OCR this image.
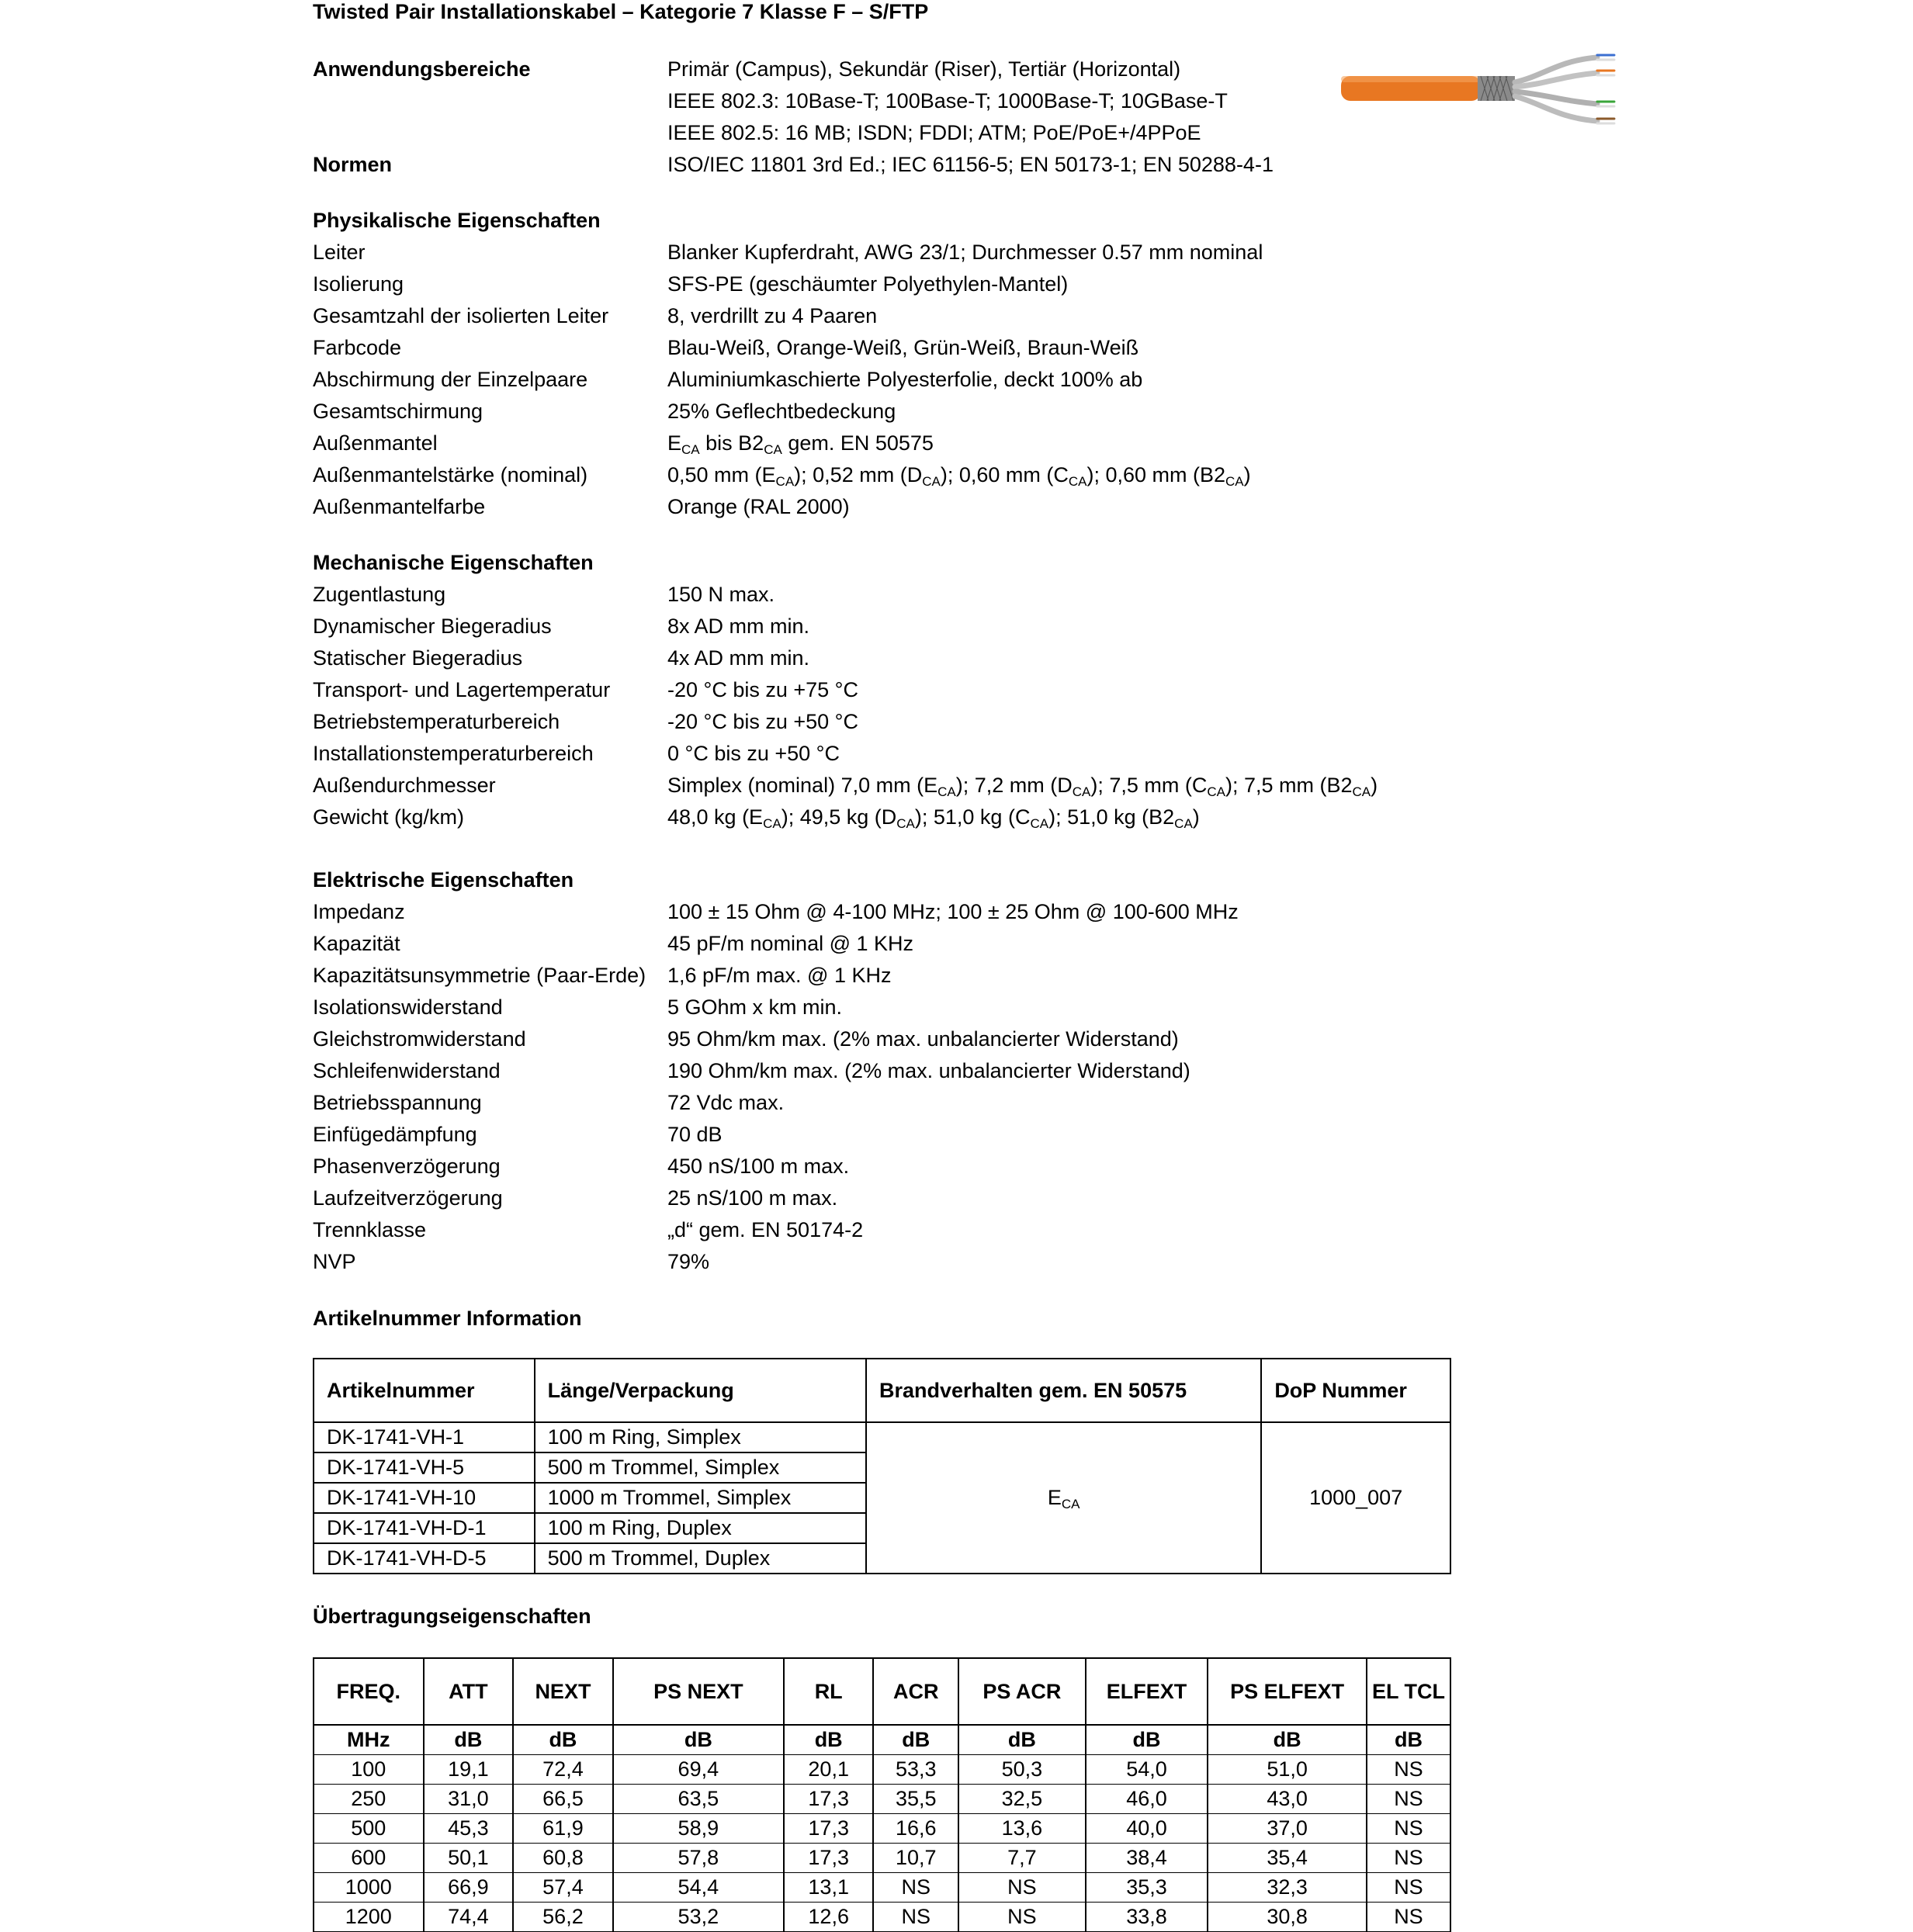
Twisted Pair Installationskabel – Kategorie 7 Klasse F – S/FTP
Anwendungsbereiche	Primär (Campus), Sekundär (Riser), Tertiär (Horizontal)
IEEE 802.3: 10Base-T; 100Base-T; 1000Base-T; 10GBase-T
IEEE 802.5: 16 MB; ISDN; FDDI; ATM; PoE/PoE+/4PPoE
Normen	ISO/IEC 11801 3rd Ed.; IEC 61156-5; EN 50173-1; EN 50288-4-1
Physikalische Eigenschaften
Leiter	Blanker Kupferdraht, AWG 23/1; Durchmesser 0.57 mm nominal
Isolierung	SFS-PE (geschäumter Polyethylen-Mantel)
Gesamtzahl der isolierten Leiter	8, verdrillt zu 4 Paaren
Farbcode	Blau-Weiß, Orange-Weiß, Grün-Weiß, Braun-Weiß
Abschirmung der Einzelpaare	Aluminiumkaschierte Polyesterfolie, deckt 100% ab
Gesamtschirmung	25% Geflechtbedeckung
Außenmantel	$E_{CA}$ bis $B2_{CA}$ gem. EN 50575
Außenmantelstärke (nominal)	0,50 mm $(E_{CA})$; 0,52 mm $(D_{CA})$; 0,60 mm $(C_{CA})$; 0,60 mm $(B2_{CA})$
Außenmantelfarbe	Orange (RAL 2000)
Mechanische Eigenschaften
Zugentlastung	150 N max.
Dynamischer Biegeradius	8x AD mm min.
Statischer Biegeradius	4x AD mm min.
Transport- und Lagertemperatur	-20 °C bis zu +75 °C
Betriebstemperaturbereich	-20 °C bis zu +50 °C
Installationstemperaturbereich	0 °C bis zu +50 °C
Außendurchmesser	Simplex (nominal) 7,0 mm $(E_{CA})$; 7,2 mm $(D_{CA})$; 7,5 mm $(C_{CA})$; 7,5 mm $(B2_{CA})$
Gewicht (kg/km)	48,0 kg $(E_{CA})$; 49,5 kg $(D_{CA})$; 51,0 kg $(C_{CA})$; 51,0 kg $(B2_{CA})$
Elektrische Eigenschaften
Impedanz	100 ± 15 Ohm @ 4-100 MHz; 100 ± 25 Ohm @ 100-600 MHz
Kapazität	45 pF/m nominal @ 1 KHz
Kapazitätsunsymmetrie (Paar-Erde) 1,6 pF/m max. @ 1 KHz
Isolationswiderstand	5 GOhm x km min.
Gleichstromwiderstand	95 Ohm/km max. (2% max. unbalancierter Widerstand)
Schleifenwiderstand	190 Ohm/km max. (2% max. unbalancierter Widerstand)
Betriebsspannung	72 Vdc max.
Einfügedämpfung	70 dB
Phasenverzögerung	450 nS/100 m max.
Laufzeitverzögerung	25 nS/100 m max.
Trennklasse	„d“ gem. EN 50174-2
NVP	79%
Artikelnummer Information
Artikelnummer	Länge/Verpackung	Brandverhalten gem. EN 50575	DoP Nummer
DK-1741-VH-1	100 m Ring, Simplex	$E_{CA}$	1000_007
DK-1741-VH-5	500 m Trommel, Simplex		
DK-1741-VH-10	1000 m Trommel, Simplex		
DK-1741-VH-D-1	100 m Ring, Duplex		
DK-1741-VH-D-5	500 m Trommel, Duplex		
Übertragungseigenschaften
FREQ.	ATT	NEXT	PS NEXT	RL	ACR	PS ACR	ELFEXT	PS ELFEXT	EL TCL
MHz	dB	dB	dB	dB	dB	dB	dB	dB	dB
100	19,1	72,4	69,4	20,1	53,3	50,3	54,0	51,0	NS
250	31,0	66,5	63,5	17,3	35,5	32,5	46,0	43,0	NS
500	45,3	61,9	58,9	17,3	16,6	13,6	40,0	37,0	NS
600	50,1	60,8	57,8	17,3	10,7	7,7	38,4	35,4	NS
1000	66,9	57,4	54,4	13,1	NS	NS	35,3	32,3	NS
1200	74,4	56,2	53,2	12,6	NS	NS	33,8	30,8	NS
